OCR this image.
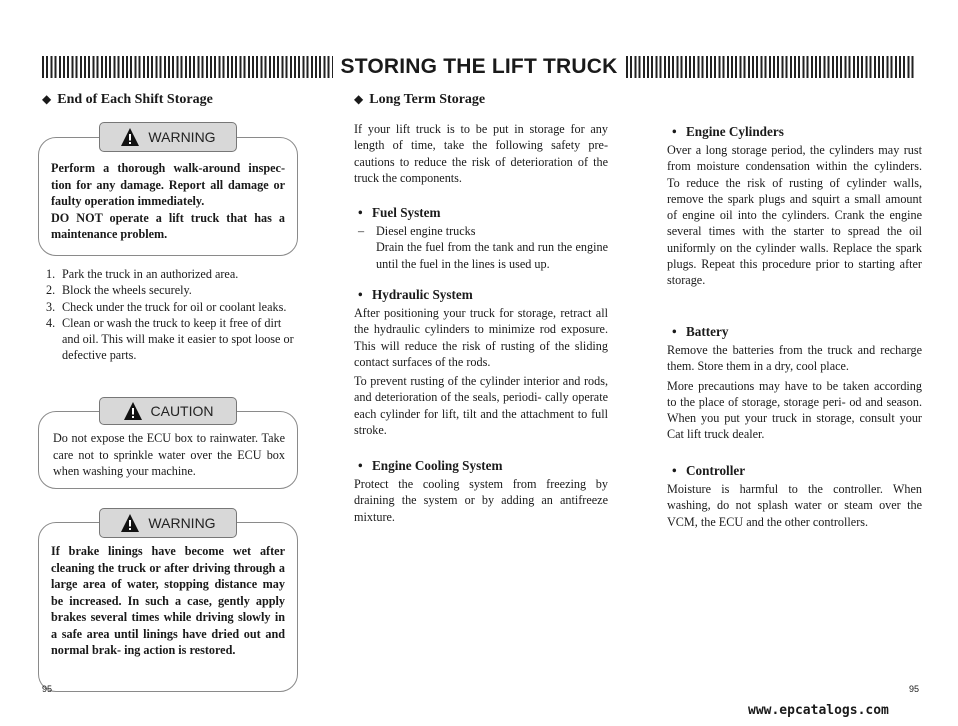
STORING THE LIFT TRUCK
◆ End of Each Shift Storage
WARNING

Perform a thorough walk-around inspec- tion for any damage. Report all damage or faulty operation immediately.

DO NOT operate a lift truck that has a maintenance problem.

1. Park the truck in an authorized area.
2. Block the wheels securely.
3. Check under the truck for oil or coolant leaks.
4. Clean or wash the truck to keep it free of dirt and oil. This will make it easier to spot loose or defective parts.
CAUTION

Do not expose the ECU box to rainwater. Take care not to sprinkle water over the ECU box when washing your machine.

WARNING

If brake linings have become wet after cleaning the truck or after driving through a large area of water, stopping distance may be increased. In such a case, gently apply brakes several times while driving slowly in a safe area until linings have dried out and normal brak- ing action is restored.

95
◆ Long Term Storage

If your lift truck is to be put in storage for any length of time, take the following safety pre- cautions to reduce the risk of deterioration of the truck the components.

• Fuel System

– Diesel engine trucks

Drain the fuel from the tank and run the engine until the fuel in the lines is used up.

• Hydraulic System

After positioning your truck for storage, retract all the hydraulic cylinders to minimize rod exposure. This will reduce the risk of rusting of the sliding contact surfaces of the rods.

To prevent rusting of the cylinder interior and rods, and deterioration of the seals, periodi- cally operate each cylinder for lift, tilt and the attachment to full stroke.

• Engine Cooling System

Protect the cooling system from freezing by draining the system or by adding an antifreeze mixture.

• Engine Cylinders

Over a long storage period, the cylinders may rust from moisture condensation within the cylinders. To reduce the risk of rusting of cylinder walls, remove the spark plugs and squirt a small amount of engine oil into the cylinders. Crank the engine several times with the starter to spread the oil uniformly on the cylinder walls. Replace the spark plugs. Repeat this procedure prior to starting after storage.

• Battery

Remove the batteries from the truck and recharge them. Store them in a dry, cool place.

More precautions may have to be taken according to the place of storage, storage peri- od and season. When you put your truck in storage, consult your Cat lift truck dealer.

• Controller

Moisture is harmful to the controller. When washing, do not splash water or steam over the VCM, the ECU and the other controllers.

95
www.epcatalogs.com
